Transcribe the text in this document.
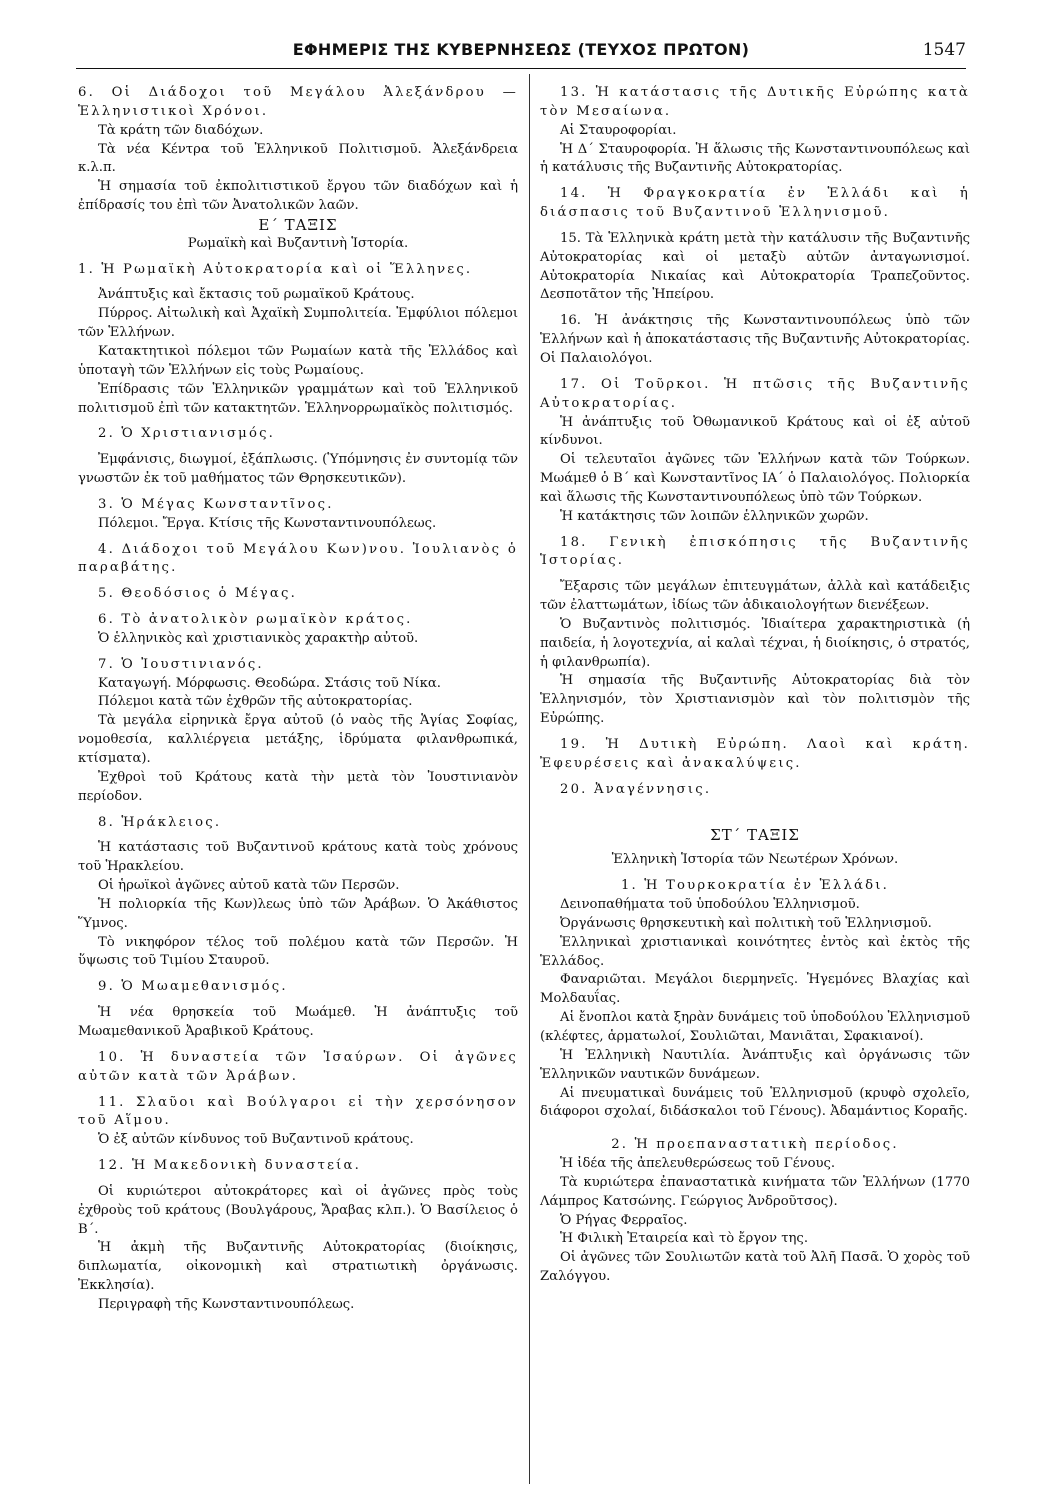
ΕΦΗΜΕΡΙΣ ΤΗΣ ΚΥΒΕΡΝΗΣΕΩΣ (ΤΕΥΧΟΣ ΠΡΩΤΟΝ)	1547

6. Οἱ Διάδοχοι τοῦ Μεγάλου Ἀλεξάνδρου —Ἑλληνιστικοὶ Χρόνοι.

Τὰ κράτη τῶν διαδόχων.

Τὰ νέα Κέντρα τοῦ Ἑλληνικοῦ Πολιτισμοῦ. Ἀλεξάνδρεια κ.λ.π.

Ἡ σημασία τοῦ ἐκπολιτιστικοῦ ἔργου τῶν διαδόχων καὶ ἡ ἐπίδρασίς του ἐπὶ τῶν Ἀνατολικῶν λαῶν.

Ε΄ ΤΑΞΙΣ

Ρωμαϊκὴ καὶ Βυζαντινὴ Ἱστορία.

1. Ἡ Ρωμαϊκὴ Αὐτοκρατορία καὶ οἱ Ἕλληνες.

Ἀνάπτυξις καὶ ἔκτασις τοῦ ρωμαϊκοῦ Κράτους.

Πύρρος. Αἰτωλικὴ καὶ Ἀχαϊκὴ Συμπολιτεία. Ἐμφύλιοι πόλεμοι τῶν Ἑλλήνων.

Κατακτητικοὶ πόλεμοι τῶν Ρωμαίων κατὰ τῆς Ἑλλάδος καὶ ὑποταγὴ τῶν Ἑλλήνων εἰς τοὺς Ρωμαίους.

Ἐπίδρασις τῶν Ἑλληνικῶν γραμμάτων καὶ τοῦ Ἑλληνικοῦ πολιτισμοῦ ἐπὶ τῶν κατακτητῶν. Ἑλληνορρωμαϊκὸς πολιτισμός.

2. Ὁ Χριστιανισμός.

Ἐμφάνισις, διωγμοί, ἐξάπλωσις. (Ὑπόμνησις ἐν συντομίᾳ τῶν γνωστῶν ἐκ τοῦ μαθήματος τῶν Θρησκευτικῶν).

3. Ὁ Μέγας Κωνσταντῖνος.

Πόλεμοι. Ἔργα. Κτίσις τῆς Κωνσταντινουπόλεως.

4. Διάδοχοι τοῦ Μεγάλου Κων)νου. Ἰουλιανὸς ὁ παραβάτης.

5. Θεοδόσιος ὁ Μέγας.

6. Τὸ ἀνατολικὸν ρωμαϊκὸν κράτος.

Ὁ ἑλληνικὸς καὶ χριστιανικὸς χαρακτὴρ αὐτοῦ.

7. Ὁ Ἰουστινιανός.

Καταγωγή. Μόρφωσις. Θεοδώρα. Στάσις τοῦ Νίκα.

Πόλεμοι κατὰ τῶν ἐχθρῶν τῆς αὐτοκρατορίας.

Τὰ μεγάλα εἰρηνικὰ ἔργα αὐτοῦ (ὁ ναὸς τῆς Ἁγίας Σοφίας, νομοθεσία, καλλιέργεια μετάξης, ἱδρύματα φιλανθρωπικά, κτίσματα).

Ἐχθροὶ τοῦ Κράτους κατὰ τὴν μετὰ τὸν Ἰουστινιανὸν περίοδον.

8. Ἡράκλειος.

Ἡ κατάστασις τοῦ Βυζαντινοῦ κράτους κατὰ τοὺς χρόνους τοῦ Ἡρακλείου.

Οἱ ἡρωϊκοὶ ἀγῶνες αὐτοῦ κατὰ τῶν Περσῶν.

Ἡ πολιορκία τῆς Κων)λεως ὑπὸ τῶν Ἀράβων. Ὁ Ἀκάθιστος Ὕμνος.

Τὸ νικηφόρον τέλος τοῦ πολέμου κατὰ τῶν Περσῶν. Ἡ ὕψωσις τοῦ Τιμίου Σταυροῦ.

9. Ὁ Μωαμεθανισμός.

Ἡ νέα θρησκεία τοῦ Μωάμεθ. Ἡ ἀνάπτυξις τοῦ Μωαμεθανικοῦ Ἀραβικοῦ Κράτους.

10. Ἡ δυναστεία τῶν Ἰσαύρων. Οἱ ἀγῶνες αὐτῶν κατὰ τῶν Ἀράβων.

11. Σλαῦοι καὶ Βούλγαροι εἰ τὴν χερσόνησον τοῦ Αἵμου.

Ὁ ἐξ αὐτῶν κίνδυνος τοῦ Βυζαντινοῦ κράτους.

12. Ἡ Μακεδονικὴ δυναστεία.

Οἱ κυριώτεροι αὐτοκράτορες καὶ οἱ ἀγῶνες πρὸς τοὺς ἐχθροὺς τοῦ κράτους (Βουλγάρους, Ἄραβας κλπ.). Ὁ Βασίλειος ὁ Β΄.

Ἡ ἀκμὴ τῆς Βυζαντινῆς Αὐτοκρατορίας (διοίκησις, διπλωματία, οἰκονομικὴ καὶ στρατιωτικὴ ὀργάνωσις. Ἐκκλησία).

Περιγραφὴ τῆς Κωνσταντινουπόλεως.

13. Ἡ κατάστασις τῆς Δυτικῆς Εὐρώπης κατὰ τὸν Μεσαίωνα.

Αἱ Σταυροφορίαι.

Ἡ Δ΄ Σταυροφορία. Ἡ ἅλωσις τῆς Κωνσταντινουπόλεως καὶ ἡ κατάλυσις τῆς Βυζαντινῆς Αὐτοκρατορίας.

14. Ἡ Φραγκοκρατία ἐν Ἑλλάδι καὶ ἡ διάσπασις τοῦ Βυζαντινοῦ Ἑλληνισμοῦ.

15. Τὰ Ἑλληνικὰ κράτη μετὰ τὴν κατάλυσιν τῆς Βυζαντινῆς Αὐτοκρατορίας καὶ οἱ μεταξὺ αὐτῶν ἀνταγωνισμοί. Αὐτοκρατορία Νικαίας καὶ Αὐτοκρατορία Τραπεζοῦντος. Δεσποτᾶτον τῆς Ἠπείρου.

16. Ἡ ἀνάκτησις τῆς Κωνσταντινουπόλεως ὑπὸ τῶν Ἑλλήνων καὶ ἡ ἀποκατάστασις τῆς Βυζαντινῆς Αὐτοκρατορίας. Οἱ Παλαιολόγοι.

17. Οἱ Τοῦρκοι. Ἡ πτῶσις τῆς Βυζαντινῆς Αὐτοκρατορίας.

Ἡ ἀνάπτυξις τοῦ Ὀθωμανικοῦ Κράτους καὶ οἱ ἐξ αὐτοῦ κίνδυνοι.

Οἱ τελευταῖοι ἀγῶνες τῶν Ἑλλήνων κατὰ τῶν Τούρκων. Μωάμεθ ὁ Β΄ καὶ Κωνσταντῖνος ΙΑ΄ ὁ Παλαιολόγος. Πολιορκία καὶ ἅλωσις τῆς Κωνσταντινουπόλεως ὑπὸ τῶν Τούρκων.

Ἡ κατάκτησις τῶν λοιπῶν ἑλληνικῶν χωρῶν.

18. Γενικὴ ἐπισκόπησις τῆς Βυζαντινῆς Ἱστορίας.

Ἔξαρσις τῶν μεγάλων ἐπιτευγμάτων, ἀλλὰ καὶ κατάδειξις τῶν ἐλαττωμάτων, ἰδίως τῶν ἀδικαιολογήτων διενέξεων.

Ὁ Βυζαντινὸς πολιτισμός. Ἰδιαίτερα χαρακτηριστικὰ (ἡ παιδεία, ἡ λογοτεχνία, αἱ καλαὶ τέχναι, ἡ διοίκησις, ὁ στρατός, ἡ φιλανθρωπία).

Ἡ σημασία τῆς Βυζαντινῆς Αὐτοκρατορίας διὰ τὸν Ἑλληνισμόν, τὸν Χριστιανισμὸν καὶ τὸν πολιτισμὸν τῆς Εὐρώπης.

19. Ἡ Δυτικὴ Εὐρώπη. Λαοὶ καὶ κράτη. Ἐφευρέσεις καὶ ἀνακαλύψεις.

20. Ἀναγέννησις.

ΣΤ΄ ΤΑΞΙΣ

Ἑλληνικὴ Ἱστορία τῶν Νεωτέρων Χρόνων.

1. Ἡ Τουρκοκρατία ἐν Ἑλλάδι.

Δεινοπαθήματα τοῦ ὑποδούλου Ἑλληνισμοῦ.

Ὀργάνωσις θρησκευτικὴ καὶ πολιτικὴ τοῦ Ἑλληνισμοῦ.

Ἑλληνικαὶ χριστιανικαὶ κοινότητες ἐντὸς καὶ ἐκτὸς τῆς Ἑλλάδος.

Φαναριῶται. Μεγάλοι διερμηνεῖς. Ἡγεμόνες Βλαχίας καὶ Μολδαυΐας.

Αἱ ἔνοπλοι κατὰ ξηρὰν δυνάμεις τοῦ ὑποδούλου Ἑλληνισμοῦ (κλέφτες, ἁρματωλοί, Σουλιῶται, Μανιᾶται, Σφακιανοί).

Ἡ Ἑλληνικὴ Ναυτιλία. Ἀνάπτυξις καὶ ὀργάνωσις τῶν Ἑλληνικῶν ναυτικῶν δυνάμεων.

Αἱ πνευματικαὶ δυνάμεις τοῦ Ἑλληνισμοῦ (κρυφὸ σχολεῖο, διάφοροι σχολαί, διδάσκαλοι τοῦ Γένους). Ἀδαμάντιος Κοραῆς.

2. Ἡ προεπαναστατικὴ περίοδος.

Ἡ ἰδέα τῆς ἀπελευθερώσεως τοῦ Γένους.

Τὰ κυριώτερα ἐπαναστατικὰ κινήματα τῶν Ἑλλήνων (1770 Λάμπρος Κατσώνης. Γεώργιος Ἀνδροῦτσος).

Ὁ Ρήγας Φερραῖος.

Ἡ Φιλικὴ Ἑταιρεία καὶ τὸ ἔργον της.

Οἱ ἀγῶνες τῶν Σουλιωτῶν κατὰ τοῦ Ἀλῆ Πασᾶ. Ὁ χορὸς τοῦ Ζαλόγγου.
